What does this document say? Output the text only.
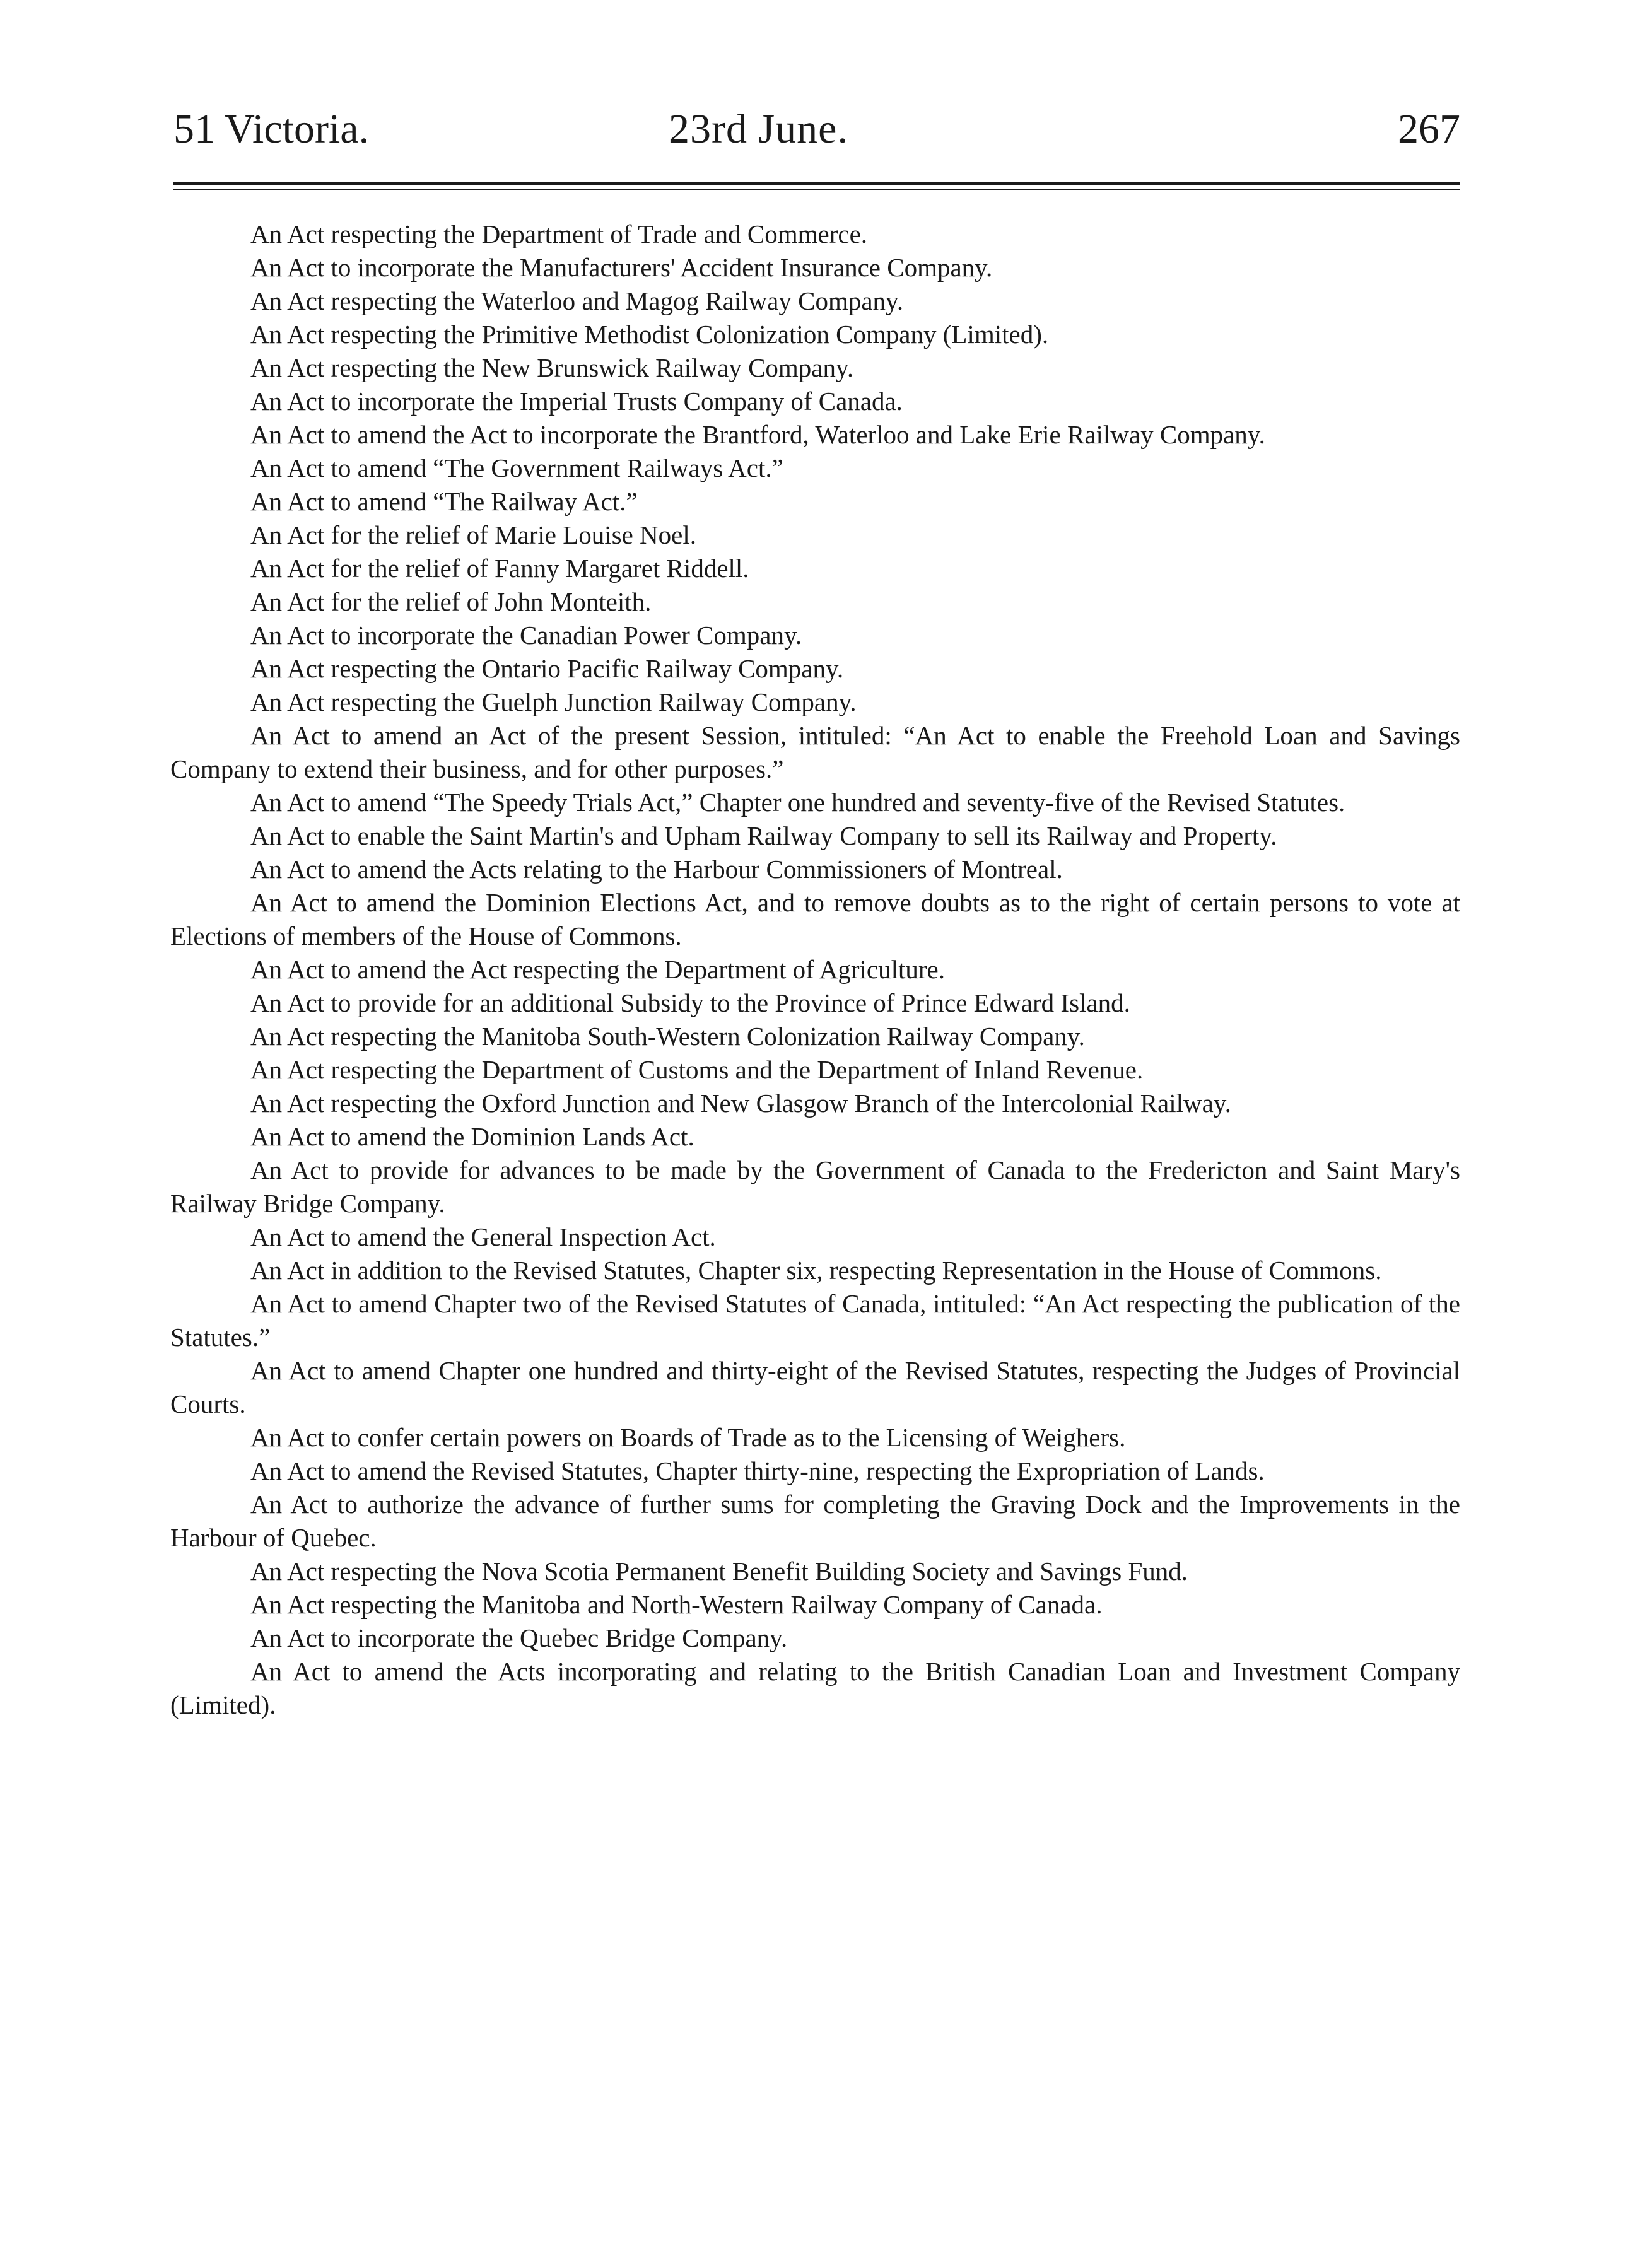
51 Victoria.	23rd June.	267
An Act respecting the Department of Trade and Commerce.
An Act to incorporate the Manufacturers' Accident Insurance Company.
An Act respecting the Waterloo and Magog Railway Company.
An Act respecting the Primitive Methodist Colonization Company (Limited).
An Act respecting the New Brunswick Railway Company.
An Act to incorporate the Imperial Trusts Company of Canada.
An Act to amend the Act to incorporate the Brantford, Waterloo and Lake Erie Railway Company.
An Act to amend “The Government Railways Act.”
An Act to amend “The Railway Act.”
An Act for the relief of Marie Louise Noel.
An Act for the relief of Fanny Margaret Riddell.
An Act for the relief of John Monteith.
An Act to incorporate the Canadian Power Company.
An Act respecting the Ontario Pacific Railway Company.
An Act respecting the Guelph Junction Railway Company.
An Act to amend an Act of the present Session, intituled: “An Act to enable the Freehold Loan and Savings Company to extend their business, and for other purposes.”
An Act to amend “The Speedy Trials Act,” Chapter one hundred and seventy-five of the Revised Statutes.
An Act to enable the Saint Martin's and Upham Railway Company to sell its Railway and Property.
An Act to amend the Acts relating to the Harbour Commissioners of Montreal.
An Act to amend the Dominion Elections Act, and to remove doubts as to the right of certain persons to vote at Elections of members of the House of Commons.
An Act to amend the Act respecting the Department of Agriculture.
An Act to provide for an additional Subsidy to the Province of Prince Edward Island.
An Act respecting the Manitoba South-Western Colonization Railway Company.
An Act respecting the Department of Customs and the Department of Inland Revenue.
An Act respecting the Oxford Junction and New Glasgow Branch of the Intercolonial Railway.
An Act to amend the Dominion Lands Act.
An Act to provide for advances to be made by the Government of Canada to the Fredericton and Saint Mary's Railway Bridge Company.
An Act to amend the General Inspection Act.
An Act in addition to the Revised Statutes, Chapter six, respecting Representation in the House of Commons.
An Act to amend Chapter two of the Revised Statutes of Canada, intituled: “An Act respecting the publication of the Statutes.”
An Act to amend Chapter one hundred and thirty-eight of the Revised Statutes, respecting the Judges of Provincial Courts.
An Act to confer certain powers on Boards of Trade as to the Licensing of Weighers.
An Act to amend the Revised Statutes, Chapter thirty-nine, respecting the Expropriation of Lands.
An Act to authorize the advance of further sums for completing the Graving Dock and the Improvements in the Harbour of Quebec.
An Act respecting the Nova Scotia Permanent Benefit Building Society and Savings Fund.
An Act respecting the Manitoba and North-Western Railway Company of Canada.
An Act to incorporate the Quebec Bridge Company.
An Act to amend the Acts incorporating and relating to the British Canadian Loan and Investment Company (Limited).
